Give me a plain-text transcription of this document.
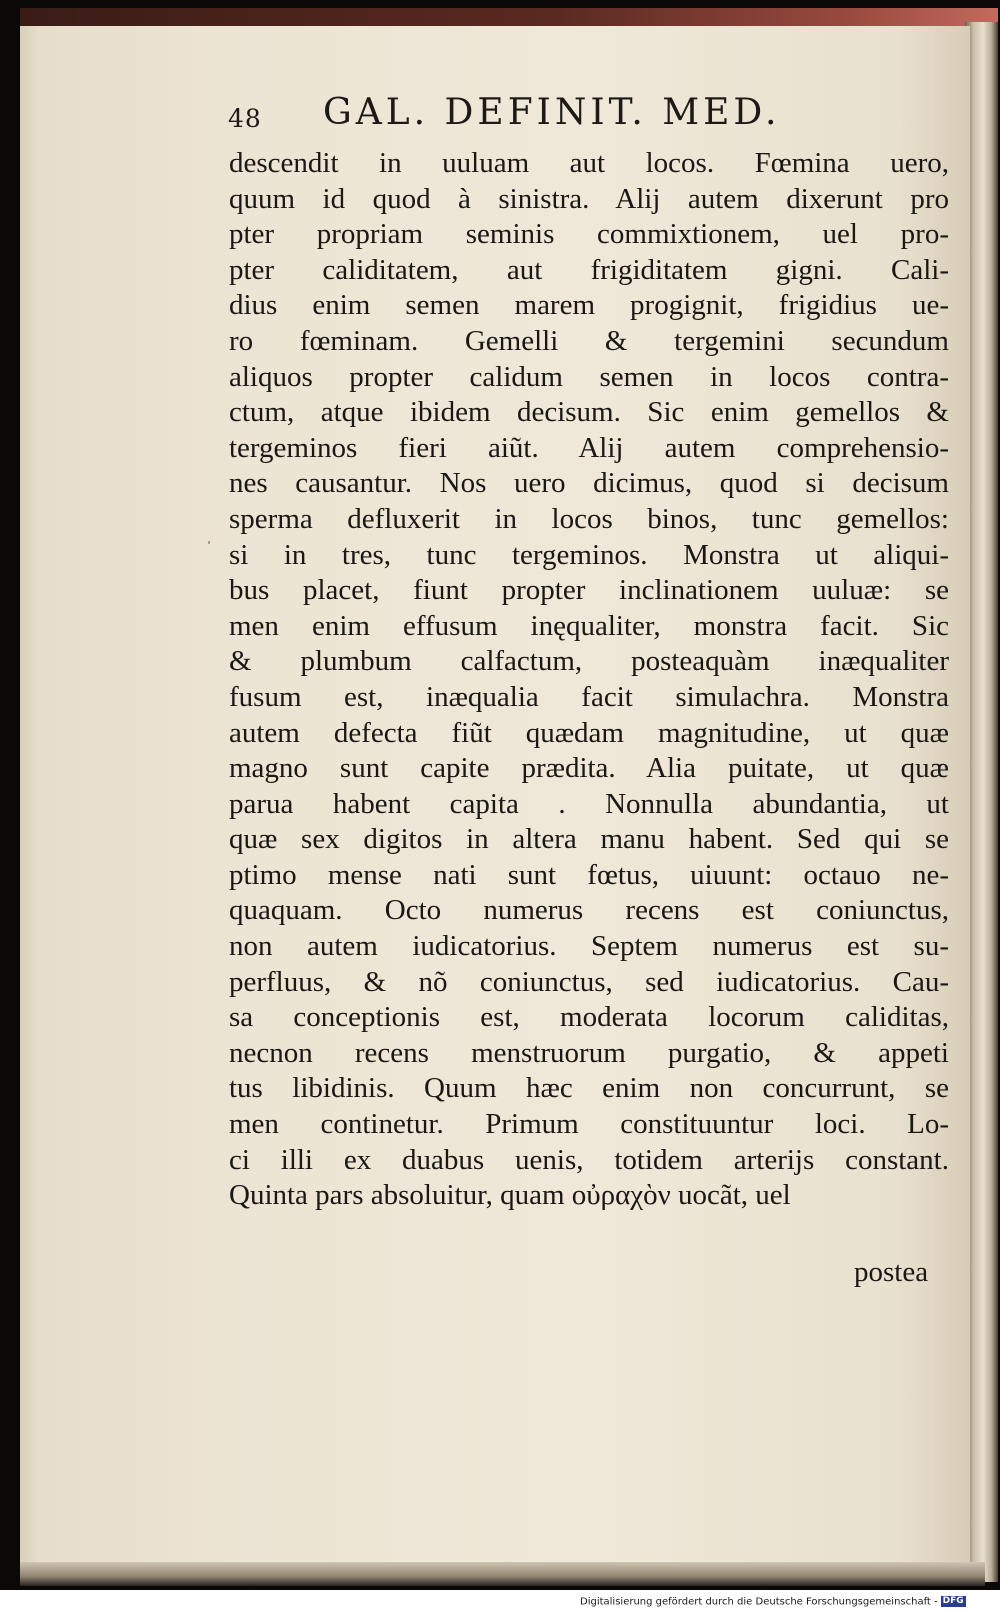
48 GAL. DEFINIT. MED.
ˌ
descendit in uuluam aut locos. Fœmina uero,
quum id quod à sinistra. Alij autem dixerunt pro
pter propriam seminis commixtionem, uel pro-
pter caliditatem, aut frigiditatem gigni. Cali-
dius enim semen marem progignit, frigidius ue-
ro fœminam. Gemelli & tergemini secundum
aliquos propter calidum semen in locos contra-
ctum, atque ibidem decisum. Sic enim gemellos &
tergeminos fieri aiũt. Alij autem comprehensio-
nes causantur. Nos uero dicimus, quod si decisum
sperma defluxerit in locos binos, tunc gemellos:
si in tres, tunc tergeminos. Monstra ut aliqui-
bus placet, fiunt propter inclinationem uuluæ: se
men enim effusum inęqualiter, monstra facit. Sic
& plumbum calfactum, posteaquàm inæqualiter
fusum est, inæqualia facit simulachra. Monstra
autem defecta fiũt quædam magnitudine, ut quæ
magno sunt capite prædita. Alia puitate, ut quæ
parua habent capita . Nonnulla abundantia, ut
quæ sex digitos in altera manu habent. Sed qui se
ptimo mense nati sunt fœtus, uiuunt: octauo ne-
quaquam. Octo numerus recens est coniunctus,
non autem iudicatorius. Septem numerus est su-
perfluus, & nõ coniunctus, sed iudicatorius. Cau-
sa conceptionis est, moderata locorum caliditas,
necnon recens menstruorum purgatio, & appeti
tus libidinis. Quum hæc enim non concurrunt, se
men continetur. Primum constituuntur loci. Lo-
ci illi ex duabus uenis, totidem arterijs constant.
Quinta pars absoluitur, quam οὐραχὸν uocãt, uel
postea
Digitalisierung gefördert durch die Deutsche Forschungsgemeinschaft - DFG
